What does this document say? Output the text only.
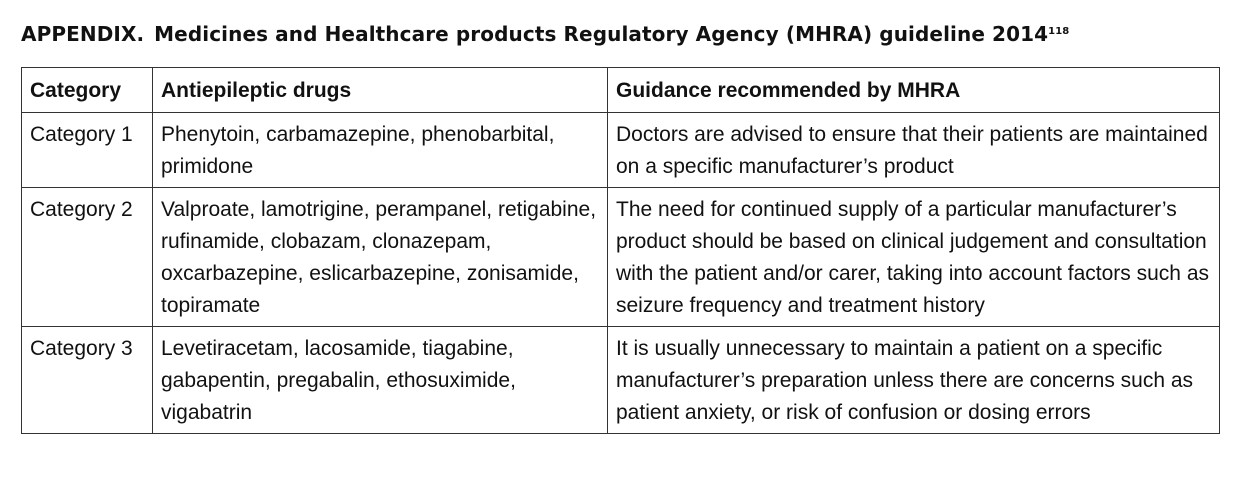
APPENDIX. Medicines and Healthcare products Regulatory Agency (MHRA) guideline 2014$^{118}$
Category	Antiepileptic drugs	Guidance recommended by MHRA
Category 1	Phenytoin, carbamazepine, phenobarbital, primidone	Doctors are advised to ensure that their patients are maintained on a specific manufacturer’s product
Category 2	Valproate, lamotrigine, perampanel, retigabine, rufinamide, clobazam, clonazepam, oxcarbazepine, eslicarbazepine, zonisamide, topiramate	The need for continued supply of a particular manufacturer’s product should be based on clinical judgement and consultation with the patient and/or carer, taking into account factors such as seizure frequency and treatment history
Category 3	Levetiracetam, lacosamide, tiagabine, gabapentin, pregabalin, ethosuximide, vigabatrin	It is usually unnecessary to maintain a patient on a specific manufacturer’s preparation unless there are concerns such as patient anxiety, or risk of confusion or dosing errors
